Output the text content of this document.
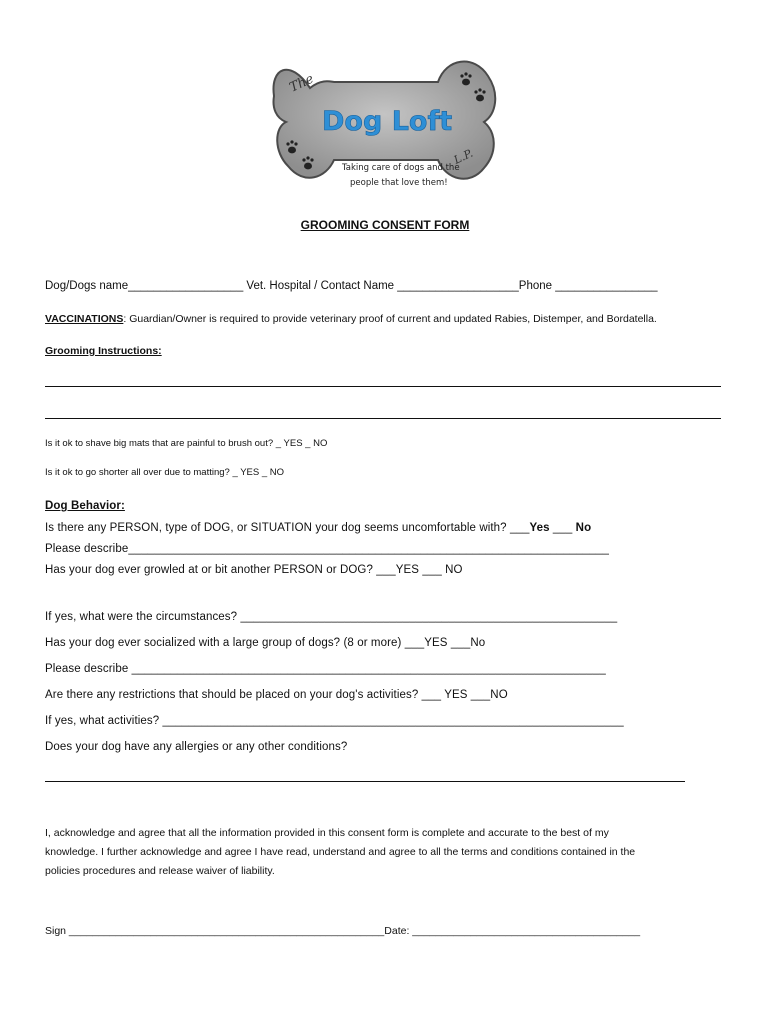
The
Dog Loft
Taking care of dogs and the
people that love them!
L.P.
GROOMING CONSENT FORM
Dog/Dogs name__________________ Vet. Hospital / Contact Name ___________________Phone ________________
VACCINATIONS: Guardian/Owner is required to provide veterinary proof of current and updated Rabies, Distemper, and Bordatella.
Grooming Instructions:
Is it ok to shave big mats that are painful to brush out? _ YES _ NO
Is it ok to go shorter all over due to matting? _ YES _ NO
Dog Behavior:
Is there any PERSON, type of DOG, or SITUATION your dog seems uncomfortable with? ___Yes ___ No
Please describe__________________________________________________________________________
Has your dog ever growled at or bit another PERSON or DOG? ___YES ___ NO
If yes, what were the circumstances? __________________________________________________________
Has your dog ever socialized with a large group of dogs? (8 or more) ___YES ___No
Please describe _________________________________________________________________________
Are there any restrictions that should be placed on your dog's activities? ___ YES ___NO
If yes, what activities? _______________________________________________________________________
Does your dog have any allergies or any other conditions?
I, acknowledge and agree that all the information provided in this consent form is complete and accurate to the best of my
knowledge. I further acknowledge and agree I have read, understand and agree to all the terms and conditions contained in the
policies procedures and release waiver of liability.
Sign ______________________________________________________Date: _______________________________________
